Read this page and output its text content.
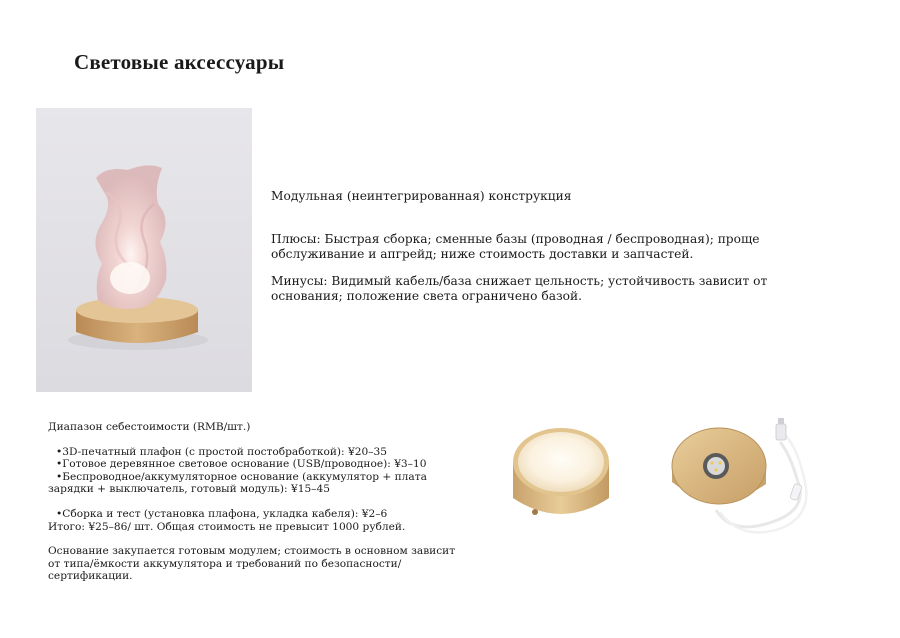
Световые аксессуары
Модульная (неинтегрированная) конструкция
Плюсы: Быстрая сборка; сменные базы (проводная / беспроводная); проще обслуживание и апгрейд; ниже стоимость доставки и запчастей.
Минусы: Видимый кабель/база снижает цельность; устойчивость зависит от основания; положение света ограничено базой.

Диапазон себестоимости (RMB/шт.)

•3D-печатный плафон (с простой постобработкой): ¥20–35

•Готовое деревянное световое основание (USB/проводное): ¥3–10

•Беспроводное/аккумуляторное основание (аккумулятор + плата зарядки + выключатель, готовый модуль): ¥15–45

•Сборка и тест (установка плафона, укладка кабеля): ¥2–6

Итого: ¥25–86/ шт. Общая стоимость не превысит 1000 рублей.

Основание закупается готовым модулем; стоимость в основном зависит от типа/ёмкости аккумулятора и требований по безопасности/сертификации.
